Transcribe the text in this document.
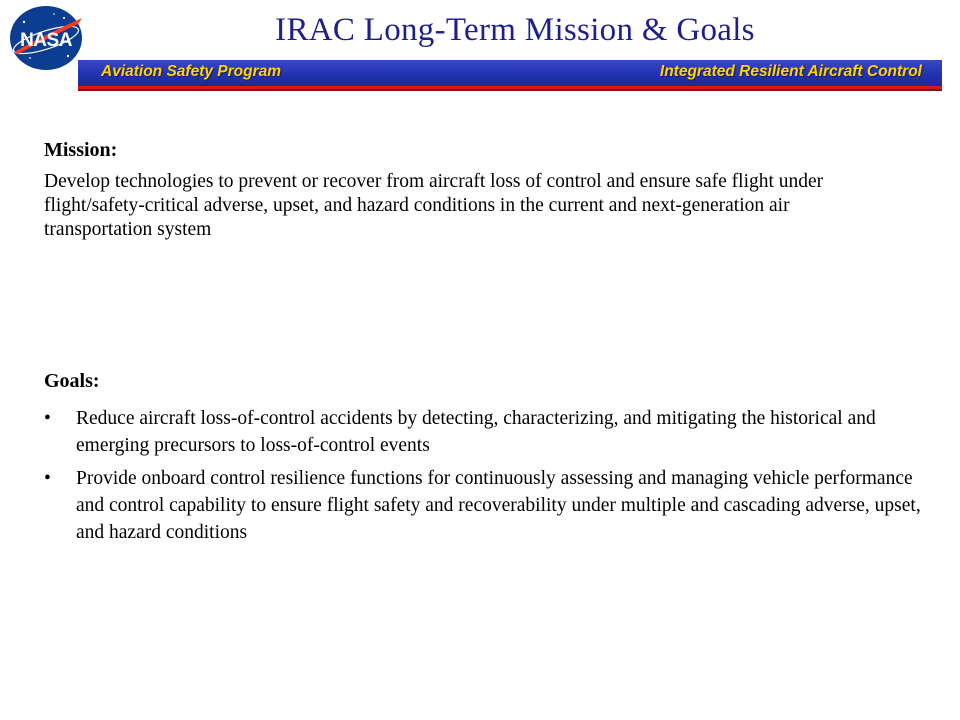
NASA	IRAC Long-Term Mission & Goals
Aviation Safety Program	Integrated Resilient Aircraft Control

Mission:

Develop technologies to prevent or recover from aircraft loss of control and ensure safe flight under flight/safety-critical adverse, upset, and hazard conditions in the current and next-generation air transportation system

Goals:

• Reduce aircraft loss-of-control accidents by detecting, characterizing, and mitigating the historical and emerging precursors to loss-of-control events
• Provide onboard control resilience functions for continuously assessing and managing vehicle performance and control capability to ensure flight safety and recoverability under multiple and cascading adverse, upset, and hazard conditions
